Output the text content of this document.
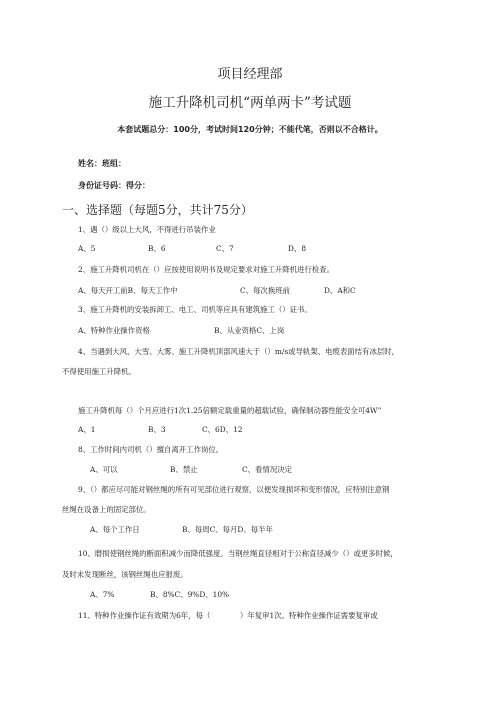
项目经理部
施工升降机司机“两单两卡”考试题
本套试题总分：100分，考试时间120分钟；不能代笔，否则以不合格计。
姓名：班组：
身份证号码：得分：
一、选择题（每题5分，共计75分）
1、遇（）级以上大风，不得进行吊装作业
A、5	B、6	C、7	D、8
2、施工升降机司机在（）应按使用说明书及规定要求对施工升降机进行检查。
A、每天开工前B、每天工作中	C、每次换班前	D、A和C
3、施工升降机的安装拆卸工、电工、司机等应具有建筑施工（）证书。
A、特种作业操作资格	B、从业资格C、上岗
4、当遇到大风、大雪、大雾、施工升降机顶部风速大于（）m/s或导轨架、电缆表面结有冰层时，
不得使用施工升降机。
施工升降机每（）个月应进行1次1.25倍额定载重量的超载试验，确保制动器性能安全可4W”
A、1	B、3	C、6D、12
8、工作时间内司机（）擅自离开工作岗位。
A、可以	B、禁止	C、看情况决定
9、（）都应尽可能对钢丝绳的所有可见部位进行观察，以便发现损坏和变形情况，应特别注意钢
丝绳在设备上的固定部位。
A、每个工作日	B、每周C、每月D、每半年
10、磨损使钢丝绳的断面积减少而降低强度。当钢丝绳直径相对于公称直径减少（）或更多时候，
及时未发现断丝，该钢丝绳也应报废。
A、7%	B、8%C、9%D、10%
11、特种作业操作证有效期为6年，每（　　　　）年复审1次。特种作业操作证需要复审或
